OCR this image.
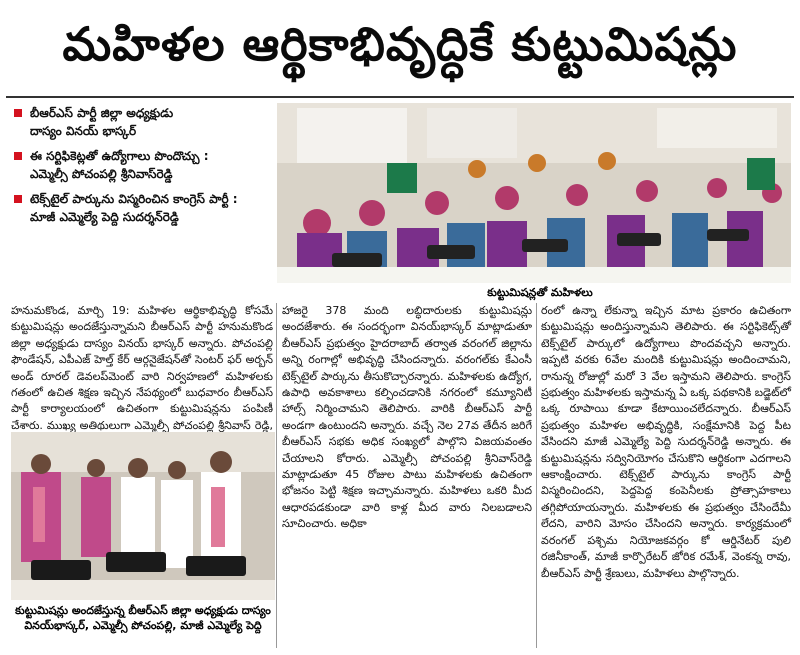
మహిళల ఆర్థికాభివృద్ధికే కుట్టుమిషన్లు
బీఆర్ఎస్ పార్టీ జిల్లా అధ్యక్షుడు
దాస్యం వినయ్ భాస్కర్
ఈ సర్టిఫికెట్లతో ఉద్యోగాలు పొందొచ్చు :
ఎమ్మెల్సీ పోచంపల్లి శ్రీనివాస్‌రెడ్డి
టెక్స్‌టైల్ పార్కును విస్మరించిన కాంగ్రెస్ పార్టీ :
మాజీ ఎమ్మెల్యే పెద్ది సుదర్శన్‌రెడ్డి
కుట్టుమిషన్లతో మహిళలు

హనుమకొండ, మార్చి 19: మహిళల ఆర్థికాభివృద్ధి కోసమే కుట్టుమిషన్లు అందజేస్తున్నామని బీఆర్ఎస్ పార్టీ హనుమకొండ జిల్లా అధ్యక్షుడు దాస్యం వినయ్ భాస్కర్ అన్నారు. పోచంపల్లి ఫౌండేషన్, ఎపీఎజ్ హెల్త్ కేర్ ఆర్గనైజేషన్‌తో సెంటర్ ఫర్ అర్బన్ అండ్ రూరల్ డెవలప్‌మెంట్ వారి నిర్వహణలో మహిళలకు గతంలో ఉచిత శిక్షణ ఇచ్చిన నేపథ్యంలో బుధవారం బీఆర్ఎస్ పార్టీ కార్యాలయంలో ఉచితంగా కుట్టుమిషన్లను పంపిణీ చేశారు. ముఖ్య అతిథులుగా ఎమ్మెల్సీ పోచంపల్లి శ్రీనివాస్ రెడ్డి,

కుట్టుమిషన్లు అందజేస్తున్న బీఆర్ఎస్ జిల్లా అధ్యక్షుడు దాస్యం
వినయ్‌భాస్కర్, ఎమ్మెల్సీ పోచంపల్లి, మాజీ ఎమ్మెల్యే పెద్ది

హాజరై 378 మంది లబ్ధిదారులకు కుట్టుమిషన్లు అందజేశారు. ఈ సందర్భంగా వినయ్‌భాస్కర్ మాట్లాడుతూ బీఆర్ఎస్ ప్రభుత్వం హైదరాబాద్ తర్వాత వరంగల్ జిల్లాను అన్ని రంగాల్లో అభివృద్ధి చేసిందన్నారు. వరంగల్‌కు కేఎంసీ టెక్స్‌టైల్ పార్కును తీసుకొచ్చారన్నారు. మహిళలకు ఉద్యోగ, ఉపాధి అవకాశాలు కల్పించడానికి నగరంలో కమ్యూనిటీ హాల్స్ నిర్మించామని తెలిపారు. వారికి బీఆర్ఎస్ పార్టీ అండగా ఉంటుందని అన్నారు. వచ్చే నెల 27వ తేదీన జరిగే బీఆర్ఎస్ సభకు అధిక సంఖ్యలో పాల్గొని విజయవంతం చేయాలని కోరారు. ఎమ్మెల్సీ పోచంపల్లి శ్రీనివాస్‌రెడ్డి మాట్లాడుతూ 45 రోజుల పాటు మహిళలకు ఉచితంగా భోజనం పెట్టి శిక్షణ ఇచ్చామన్నారు. మహిళలు ఒకరి మీద ఆధారపడకుండా వారి కాళ్ల మీద వారు నిలబడాలని సూచించారు. అధికా

రంలో ఉన్నా లేకున్నా ఇచ్చిన మాట ప్రకారం ఉచితంగా కుట్టుమిషన్లు అందిస్తున్నామని తెలిపారు. ఈ సర్టిఫికెట్స్‌తో టెక్స్‌టైల్ పార్కులో ఉద్యోగాలు పొందవచ్చని అన్నారు. ఇప్పటి వరకు 6వేల మందికి కుట్టుమిషన్లు అందించామని, రానున్న రోజుల్లో మరో 3 వేల ఇస్తామని తెలిపారు. కాంగ్రెస్ ప్రభుత్వం మహిళలకు ఇస్తామన్న ఏ ఒక్క పథకానికి బడ్జెట్‌లో ఒక్క రూపాయి కూడా కేటాయించలేదన్నారు. బీఆర్ఎస్ ప్రభుత్వం మహిళల అభివృద్ధికి, సంక్షేమానికి పెద్ద పీట వేసిందని మాజీ ఎమ్మెల్యే పెద్ది సుదర్శన్‌రెడ్డి అన్నారు. ఈ కుట్టుమిషన్లను సద్వినియోగం చేసుకొని ఆర్థికంగా ఎదగాలని ఆకాంక్షించారు. టెక్స్‌టైల్ పార్కును కాంగ్రెస్ పార్టీ విస్మరించిందని, పెద్దపెద్ద కంపెనీలకు ప్రోత్సాహకాలు తగ్గిపోయాయన్నారు. మహిళలకు ఈ ప్రభుత్వం చేసిందేమీ లేదని, వారిని మోసం చేసిందని అన్నారు. కార్యక్రమంలో వరంగల్ పశ్చిమ నియోజకవర్గం కో ఆర్డినేటర్ పులి రజినీకాంత్, మాజీ కార్పొరేటర్ జోరిక రమేశ్, వెంకన్న రావు, బీఆర్ఎస్ పార్టీ శ్రేణులు, మహిళలు పాల్గొన్నారు.
